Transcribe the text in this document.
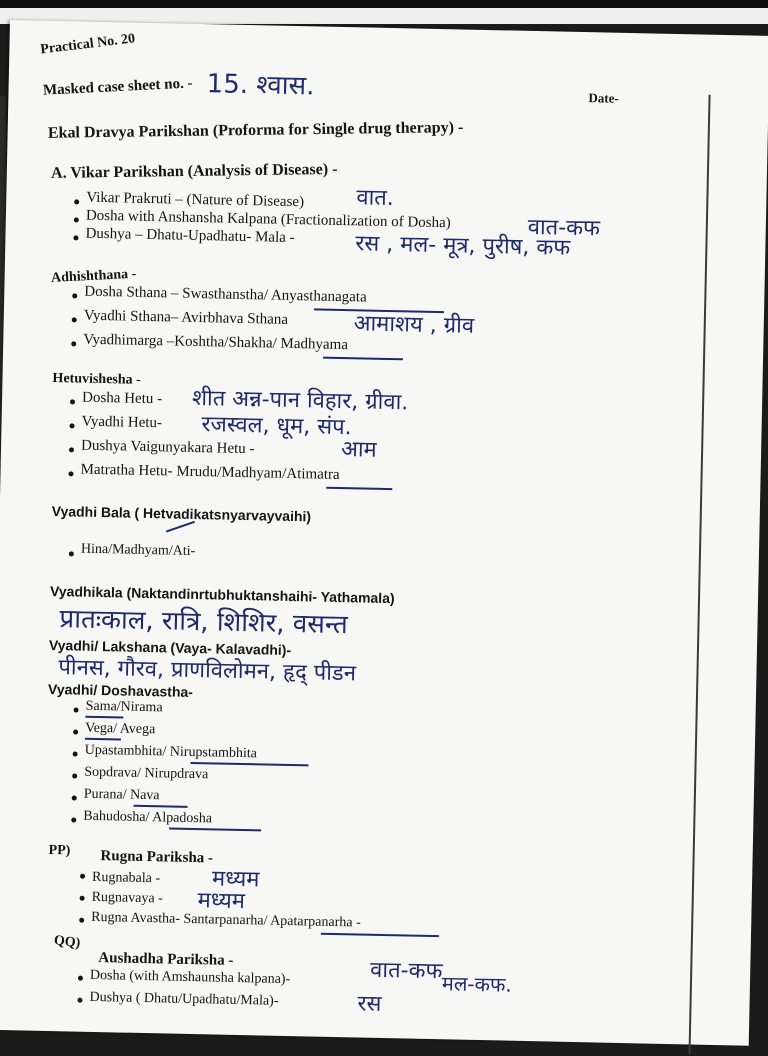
Practical No. 20
Masked case sheet no. - 15. श्वास.	Date-
Ekal Dravya Parikshan (Proforma for Single drug therapy) -
A. Vikar Parikshan (Analysis of Disease) -
Vikar Prakruti – (Nature of Disease) वात.
Dosha with Anshansha Kalpana (Fractionalization of Dosha)	वात-कफ
Dushya – Dhatu-Upadhatu- Mala -	रस , मल- मूत्र, पुरीष, कफ
Adhishthana -
Dosha Sthana – Swasthanstha/ Anyasthanagata
Vyadhi Sthana– Avirbhava Sthana	आमाशय , ग्रीव
Vyadhimarga –Koshtha/Shakha/ Madhyama
Hetuvishesha -
Dosha Hetu - शीत अन्न-पान विहार, ग्रीवा.
Vyadhi Hetu- रजस्वल, धूम, संप.
Dushya Vaigunyakara Hetu -	आम
Matratha Hetu- Mrudu/Madhyam/Atimatra
Vyadhi Bala ( Hetvadikatsnyarvayvaihi)
Hina/Madhyam/Ati-
Vyadhikala (Naktandinrtubhuktanshaihi- Yathamala)
प्रातःकाल, रात्रि, शिशिर, वसन्त
Vyadhi/ Lakshana (Vaya- Kalavadhi)-
पीनस, गौरव, प्राणविलोमन, हृद् पीडन
Vyadhi/ Doshavastha-
Sama/Nirama
Vega/ Avega
Upastambhita/ Nirupstambhita
Sopdrava/ Nirupdrava
Purana/ Nava
Bahudosha/ Alpadosha
PP) Rugna Pariksha -
Rugnabala - मध्यम
Rugnavaya - मध्यम
Rugna Avastha- Santarpanarha/ Apatarpanarha -
QQ)
Aushadha Pariksha -
Dosha (with Amshaunsha kalpana)-	वात-कफ
Dushya ( Dhatu/Upadhatu/Mala)-	रस
मल-कफ.
